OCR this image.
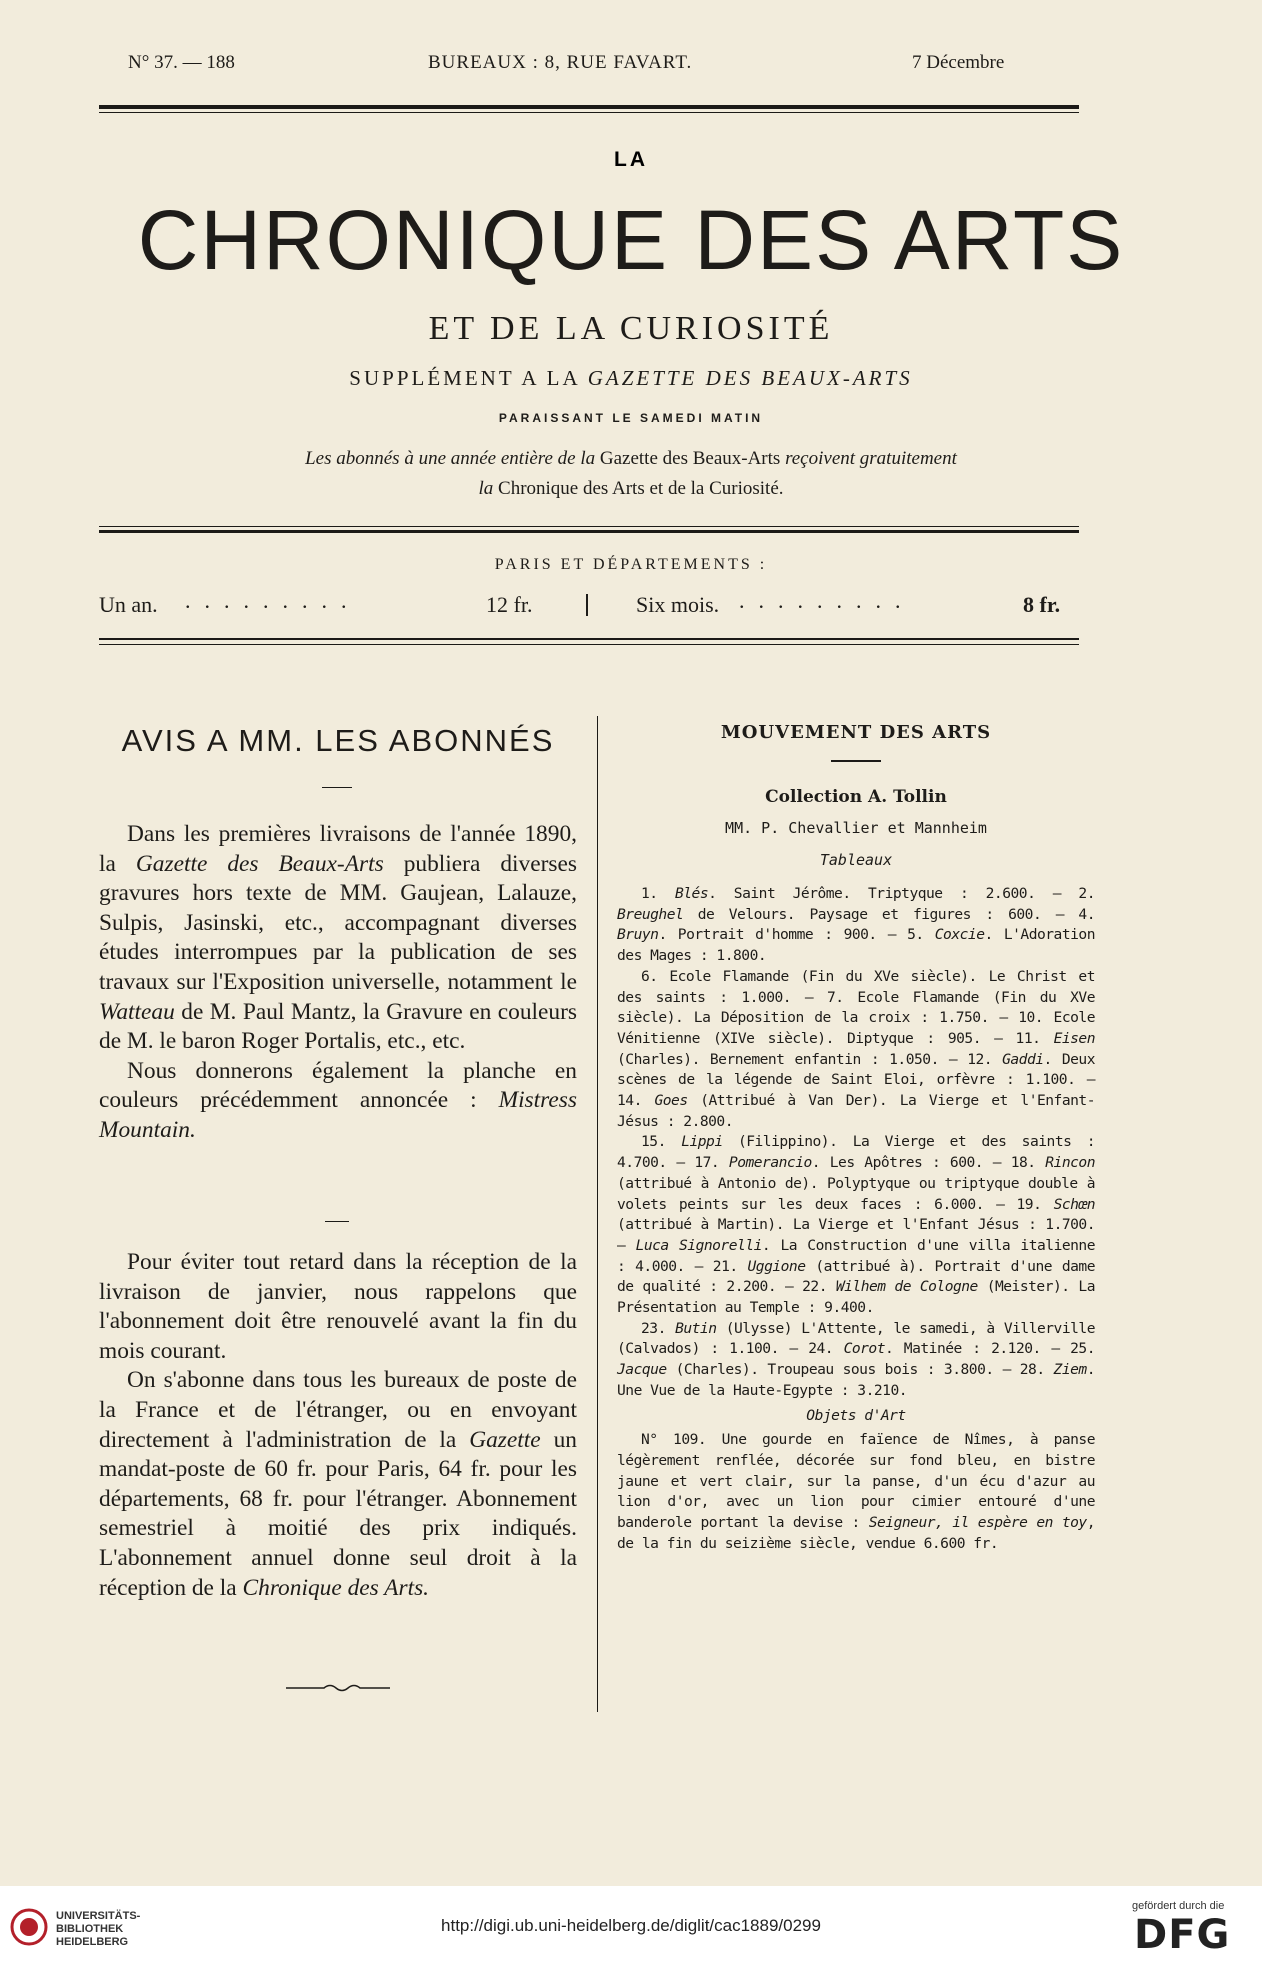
N° 37. — 188	BUREAUX : 8, RUE FAVART.	7 Décembre
LA
CHRONIQUE DES ARTS
ET DE LA CURIOSITÉ
SUPPLÉMENT A LA GAZETTE DES BEAUX-ARTS
PARAISSANT LE SAMEDI MATIN
Les abonnés à une année entière de la Gazette des Beaux-Arts reçoivent gratuitement
la Chronique des Arts et de la Curiosité.
PARIS ET DÉPARTEMENTS :
Un an. .........	12 fr.	Six mois. .........	8 fr.
AVIS A MM. LES ABONNÉS

Dans les premières livraisons de l'année 1890, la Gazette des Beaux-Arts publiera diverses gravures hors texte de MM. Gaujean, Lalauze, Sulpis, Jasinski, etc., accompagnant diverses études interrompues par la publication de ses travaux sur l'Exposition universelle, notamment le Watteau de M. Paul Mantz, la Gravure en couleurs de M. le baron Roger Portalis, etc., etc.

Nous donnerons également la planche en couleurs précédemment annoncée : Mistress Mountain.

Pour éviter tout retard dans la réception de la livraison de janvier, nous rappelons que l'abonnement doit être renouvelé avant la fin du mois courant.

On s'abonne dans tous les bureaux de poste de la France et de l'étranger, ou en envoyant directement à l'administration de la Gazette un mandat-poste de 60 fr. pour Paris, 64 fr. pour les départements, 68 fr. pour l'étranger. Abonnement semestriel à moitié des prix indiqués. L'abonnement annuel donne seul droit à la réception de la Chronique des Arts.

MOUVEMENT DES ARTS
Collection A. Tollin
MM. P. Chevallier et Mannheim
Tableaux

1. Blés. Saint Jérôme. Triptyque : 2.600. — 2. Breughel de Velours. Paysage et figures : 600. — 4. Bruyn. Portrait d'homme : 900. — 5. Coxcie. L'Adoration des Mages : 1.800.

6. Ecole Flamande (Fin du XVe siècle). Le Christ et des saints : 1.000. — 7. Ecole Flamande (Fin du XVe siècle). La Déposition de la croix : 1.750. — 10. Ecole Vénitienne (XIVe siècle). Diptyque : 905. — 11. Eisen (Charles). Bernement enfantin : 1.050. — 12. Gaddi. Deux scènes de la légende de Saint Eloi, orfèvre : 1.100. — 14. Goes (Attribué à Van Der). La Vierge et l'Enfant-Jésus : 2.800.

15. Lippi (Filippino). La Vierge et des saints : 4.700. — 17. Pomerancio. Les Apôtres : 600. — 18. Rincon (attribué à Antonio de). Polyptyque ou triptyque double à volets peints sur les deux faces : 6.000. — 19. Schœn (attribué à Martin). La Vierge et l'Enfant Jésus : 1.700. — Luca Signorelli. La Construction d'une villa italienne : 4.000. — 21. Uggione (attribué à). Portrait d'une dame de qualité : 2.200. — 22. Wilhem de Cologne (Meister). La Présentation au Temple : 9.400.

23. Butin (Ulysse) L'Attente, le samedi, à Villerville (Calvados) : 1.100. — 24. Corot. Matinée : 2.120. — 25. Jacque (Charles). Troupeau sous bois : 3.800. — 28. Ziem. Une Vue de la Haute-Egypte : 3.210.

Objets d'Art

N° 109. Une gourde en faïence de Nîmes, à panse légèrement renflée, décorée sur fond bleu, en bistre jaune et vert clair, sur la panse, d'un écu d'azur au lion d'or, avec un lion pour cimier entouré d'une banderole portant la devise : Seigneur, il espère en toy, de la fin du seizième siècle, vendue 6.600 fr.

UNIVERSITÄTS-
BIBLIOTHEK
HEIDELBERG
http://digi.ub.uni-heidelberg.de/diglit/cac1889/0299
gefördert durch die
DFG
